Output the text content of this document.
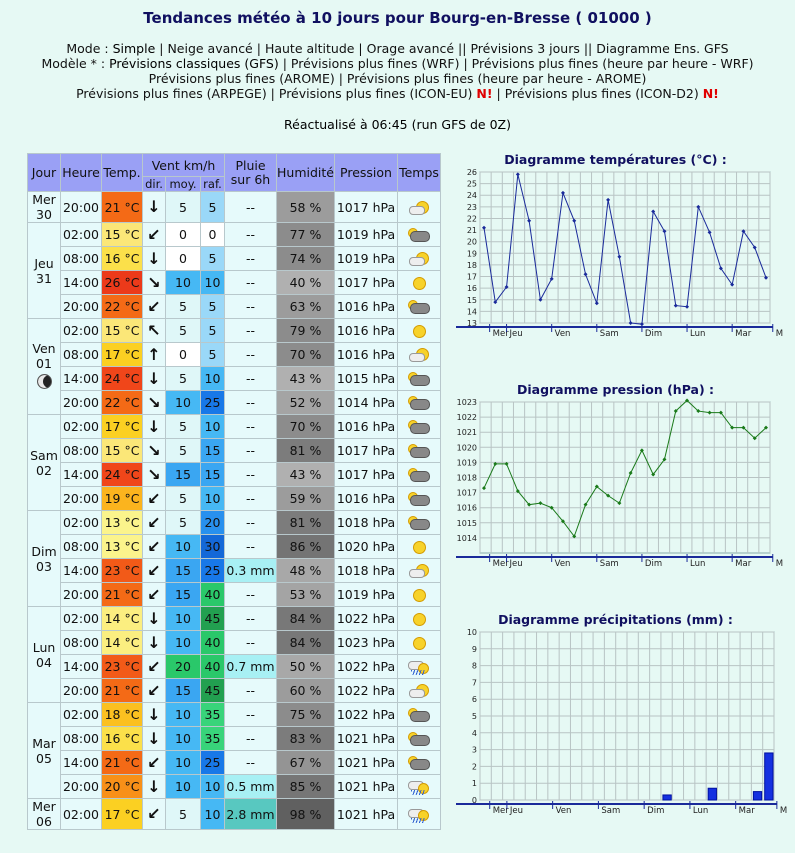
Tendances météo à 10 jours pour Bourg-en-Bresse ( 01000 )
Mode : Simple | Neige avancé | Haute altitude | Orage avancé || Prévisions 3 jours || Diagramme Ens. GFS
Modèle * : Prévisions classiques (GFS) | Prévisions plus fines (WRF) | Prévisions plus fines (heure par heure - WRF)
Prévisions plus fines (AROME) | Prévisions plus fines (heure par heure - AROME)
Prévisions plus fines (ARPEGE) | Prévisions plus fines (ICON-EU) N! | Prévisions plus fines (ICON-D2) N!
Réactualisé à 06:45 (run GFS de 0Z)
Jour	Heure	Temp.	Vent km/h			Pluie sur 6h	Humidité	Pression	Temps
			dir.	moy.	raf.				

Mer
30	20:00	21 °C	↓	5	5	--	58 %	1017 hPa	

Jeu
31	02:00	15 °C	↙	0	0	--	77 %	1019 hPa	

	08:00	16 °C	↓	0	5	--	74 %	1019 hPa	

	14:00	26 °C	↘	10	10	--	40 %	1017 hPa	

	20:00	22 °C	↙	5	5	--	63 %	1016 hPa	

Ven
01	02:00	15 °C	↖	5	5	--	79 %	1016 hPa	

	08:00	17 °C	↑	0	5	--	70 %	1016 hPa	

	14:00	24 °C	↓	5	10	--	43 %	1015 hPa	

	20:00	22 °C	↘	10	25	--	52 %	1014 hPa	

Sam
02	02:00	17 °C	↓	5	10	--	70 %	1016 hPa	

	08:00	15 °C	↘	5	15	--	81 %	1017 hPa	

	14:00	24 °C	↘	15	15	--	43 %	1017 hPa	

	20:00	19 °C	↙	5	10	--	59 %	1016 hPa	

Dim
03	02:00	13 °C	↙	5	20	--	81 %	1018 hPa	

	08:00	13 °C	↙	10	30	--	86 %	1020 hPa	

	14:00	23 °C	↙	15	25	0.3 mm	48 %	1018 hPa	

	20:00	21 °C	↙	15	40	--	53 %	1019 hPa	

Lun
04	02:00	14 °C	↓	10	45	--	84 %	1022 hPa	

	08:00	14 °C	↓	10	40	--	84 %	1023 hPa	

	14:00	23 °C	↙	20	40	0.7 mm	50 %	1022 hPa	

	20:00	21 °C	↙	15	45	--	60 %	1022 hPa	

Mar
05	02:00	18 °C	↓	10	35	--	75 %	1022 hPa	

	08:00	16 °C	↓	10	35	--	83 %	1021 hPa	

	14:00	21 °C	↙	10	25	--	67 %	1021 hPa	

	20:00	20 °C	↓	10	10	0.5 mm	85 %	1021 hPa	

Mer
06	02:00	17 °C	↙	5	10	2.8 mm	98 %	1021 hPa	
Diagramme températures (°C) :
26
25
24
23
22
21
20
19
18
17
16
15
14
13
Mer Jeu	Ven	Sam	Dim	Lun	Mar	M
Diagramme pression (hPa) :
1023
1022
1021
1020
1019
1018
1017
1016
1015
1014
Mer Jeu	Ven	Sam	Dim	Lun	Mar	M
Diagramme précipitations (mm) :
10
9
8
7
6
5
4
3
2
1
0
Mer Jeu	Ven	Sam	Dim	Lun	Mar	M
